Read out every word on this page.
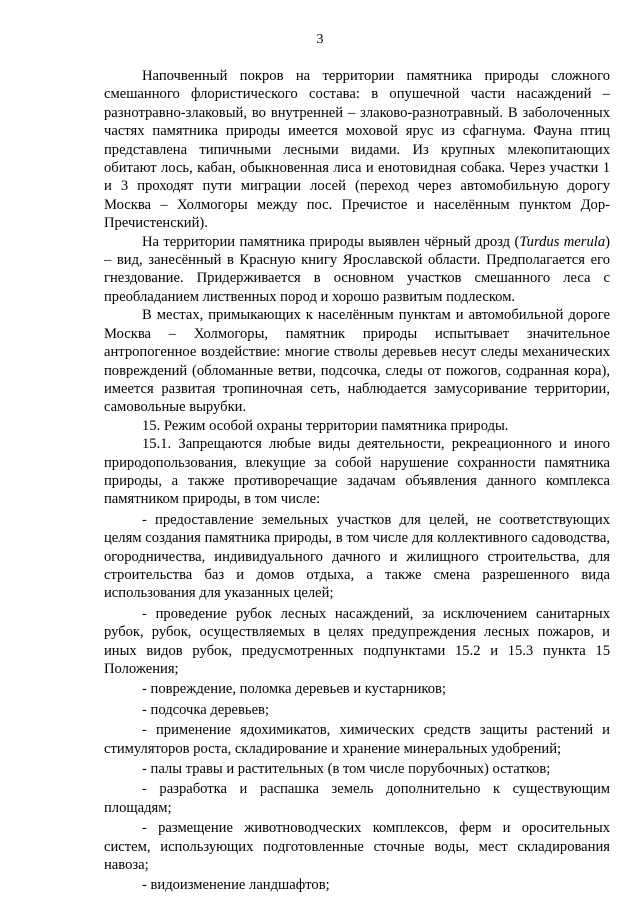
3

Напочвенный покров на территории памятника природы сложного смешанного флористического состава: в опушечной части насаждений – разнотравно-злаковый, во внутренней – злаково-разнотравный. В заболоченных частях памятника природы имеется моховой ярус из сфагнума. Фауна птиц представлена типичными лесными видами. Из крупных млекопитающих обитают лось, кабан, обыкновенная лиса и енотовидная собака. Через участки 1 и 3 проходят пути миграции лосей (переход через автомобильную дорогу Москва – Холмогоры между пос. Пречистое и населённым пунктом Дор-Пречистенский).

На территории памятника природы выявлен чёрный дрозд (Turdus merula) – вид, занесённый в Красную книгу Ярославской области. Предполагается его гнездование. Придерживается в основном участков смешанного леса с преобладанием лиственных пород и хорошо развитым подлеском.

В местах, примыкающих к населённым пунктам и автомобильной дороге Москва – Холмогоры, памятник природы испытывает значительное антропогенное воздействие: многие стволы деревьев несут следы механических повреждений (обломанные ветви, подсочка, следы от пожогов, содранная кора), имеется развитая тропиночная сеть, наблюдается замусоривание территории, самовольные вырубки.

15. Режим особой охраны территории памятника природы.

15.1. Запрещаются любые виды деятельности, рекреационного и иного природопользования, влекущие за собой нарушение сохранности памятника природы, а также противоречащие задачам объявления данного комплекса памятником природы, в том числе:

- предоставление земельных участков для целей, не соответствующих целям создания памятника природы, в том числе для коллективного садоводства, огородничества, индивидуального дачного и жилищного строительства, для строительства баз и домов отдыха, а также смена разрешенного вида использования для указанных целей;

- проведение рубок лесных насаждений, за исключением санитарных рубок, рубок, осуществляемых в целях предупреждения лесных пожаров, и иных видов рубок, предусмотренных подпунктами 15.2 и 15.3 пункта 15 Положения;

- повреждение, поломка деревьев и кустарников;

- подсочка деревьев;

- применение ядохимикатов, химических средств защиты растений и стимуляторов роста, складирование и хранение минеральных удобрений;

- палы травы и растительных (в том числе порубочных) остатков;

- разработка и распашка земель дополнительно к существующим площадям;

- размещение животноводческих комплексов, ферм и оросительных систем, использующих подготовленные сточные воды, мест складирования навоза;

- видоизменение ландшафтов;
